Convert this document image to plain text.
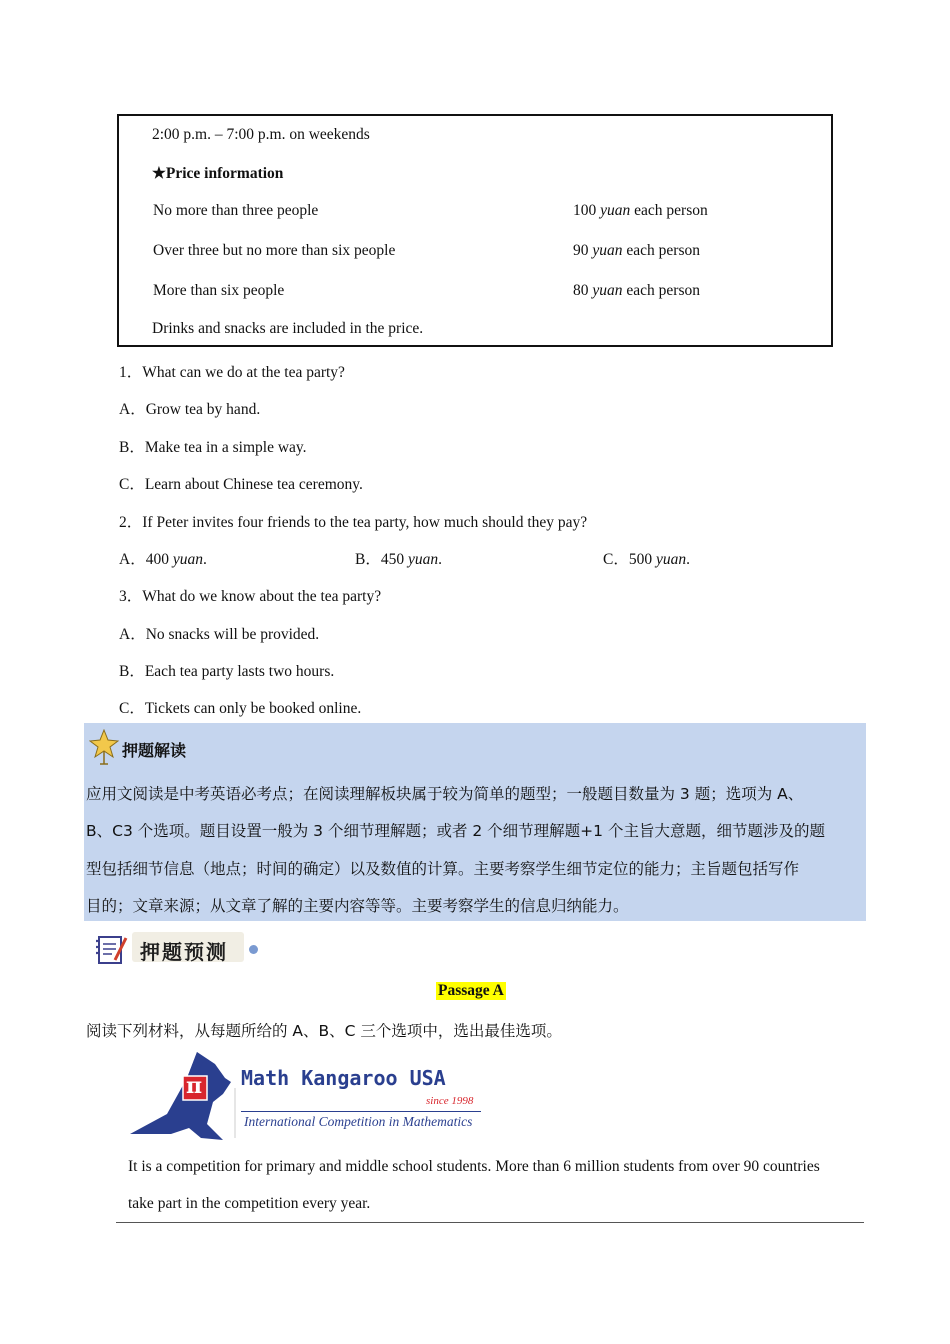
2:00 p.m. – 7:00 p.m. on weekends
★Price information
No more than three people	100 yuan each person
Over three but no more than six people	90 yuan each person
More than six people	80 yuan each person
Drinks and snacks are included in the price.
1．What can we do at the tea party?
A．Grow tea by hand.
B．Make tea in a simple way.
C．Learn about Chinese tea ceremony.
2．If Peter invites four friends to the tea party, how much should they pay?
A．400 yuan.	B．450 yuan.	C．500 yuan.
3．What do we know about the tea party?
A．No snacks will be provided.
B．Each tea party lasts two hours.
C．Tickets can only be booked online.
押题解读
应用文阅读是中考英语必考点；在阅读理解板块属于较为简单的题型；一般题目数量为 3 题；选项为 A、
B、C3 个选项。题目设置一般为 3 个细节理解题；或者 2 个细节理解题+1 个主旨大意题，细节题涉及的题
型包括细节信息（地点；时间的确定）以及数值的计算。主要考察学生细节定位的能力；主旨题包括写作
目的；文章来源；从文章了解的主要内容等等。主要考察学生的信息归纳能力。
押题预测
Passage A
阅读下列材料，从每题所给的 A、B、C 三个选项中，选出最佳选项。
π Math Kangaroo USA
since 1998
International Competition in Mathematics
It is a competition for primary and middle school students. More than 6 million students from over 90 countries
take part in the competition every year.
